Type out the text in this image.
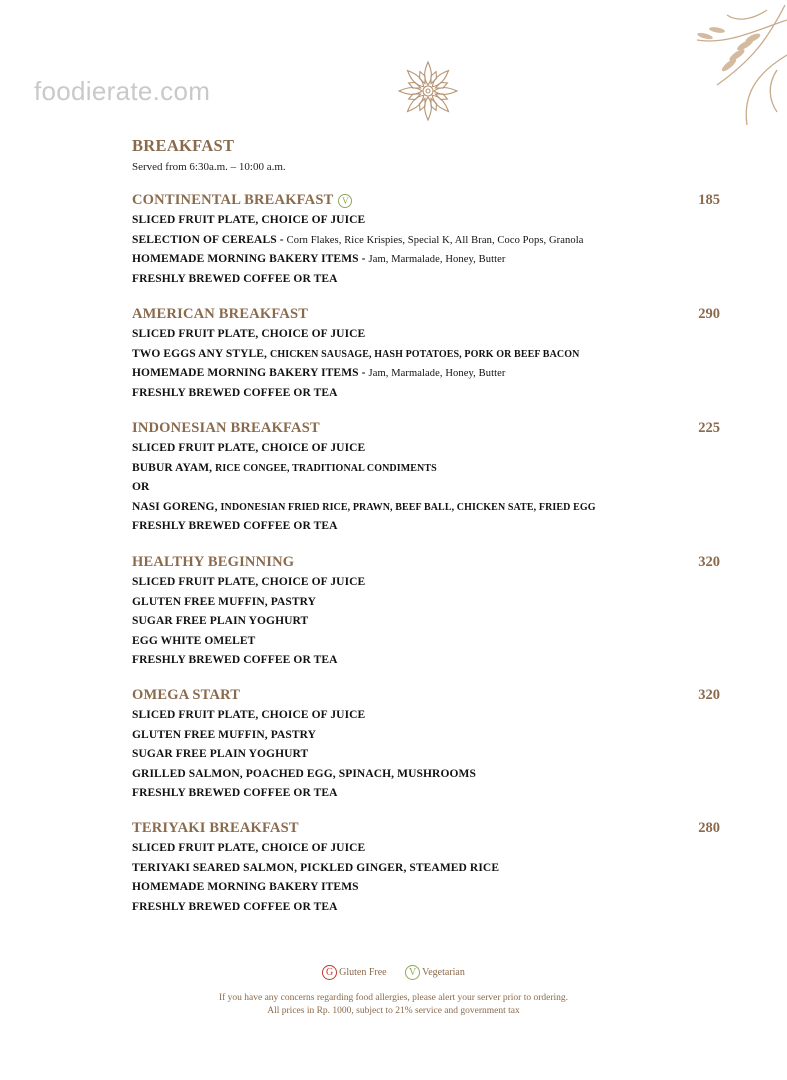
foodierate.com
BREAKFAST
Served from 6:30a.m. – 10:00 a.m.
CONTINENTAL BREAKFAST V	185
SLICED FRUIT PLATE, CHOICE OF JUICE
SELECTION OF CEREALS - Corn Flakes, Rice Krispies, Special K, All Bran, Coco Pops, Granola
HOMEMADE MORNING BAKERY ITEMS - Jam, Marmalade, Honey, Butter
FRESHLY BREWED COFFEE OR TEA
AMERICAN BREAKFAST	290
SLICED FRUIT PLATE, CHOICE OF JUICE
TWO EGGS ANY STYLE, CHICKEN SAUSAGE, HASH POTATOES, PORK OR BEEF BACON
HOMEMADE MORNING BAKERY ITEMS - Jam, Marmalade, Honey, Butter
FRESHLY BREWED COFFEE OR TEA
INDONESIAN BREAKFAST	225
SLICED FRUIT PLATE, CHOICE OF JUICE
BUBUR AYAM, RICE CONGEE, TRADITIONAL CONDIMENTS
OR
NASI GORENG, INDONESIAN FRIED RICE, PRAWN, BEEF BALL, CHICKEN SATE, FRIED EGG
FRESHLY BREWED COFFEE OR TEA
HEALTHY BEGINNING	320
SLICED FRUIT PLATE, CHOICE OF JUICE
GLUTEN FREE MUFFIN, PASTRY
SUGAR FREE PLAIN YOGHURT
EGG WHITE OMELET
FRESHLY BREWED COFFEE OR TEA
OMEGA START	320
SLICED FRUIT PLATE, CHOICE OF JUICE
GLUTEN FREE MUFFIN, PASTRY
SUGAR FREE PLAIN YOGHURT
GRILLED SALMON, POACHED EGG, SPINACH, MUSHROOMS
FRESHLY BREWED COFFEE OR TEA
TERIYAKI BREAKFAST	280
SLICED FRUIT PLATE, CHOICE OF JUICE
TERIYAKI SEARED SALMON, PICKLED GINGER, STEAMED RICE
HOMEMADE MORNING BAKERY ITEMS
FRESHLY BREWED COFFEE OR TEA
G Gluten Free
	V Vegetarian
If you have any concerns regarding food allergies, please alert your server prior to ordering.
All prices in Rp. 1000, subject to 21% service and government tax
